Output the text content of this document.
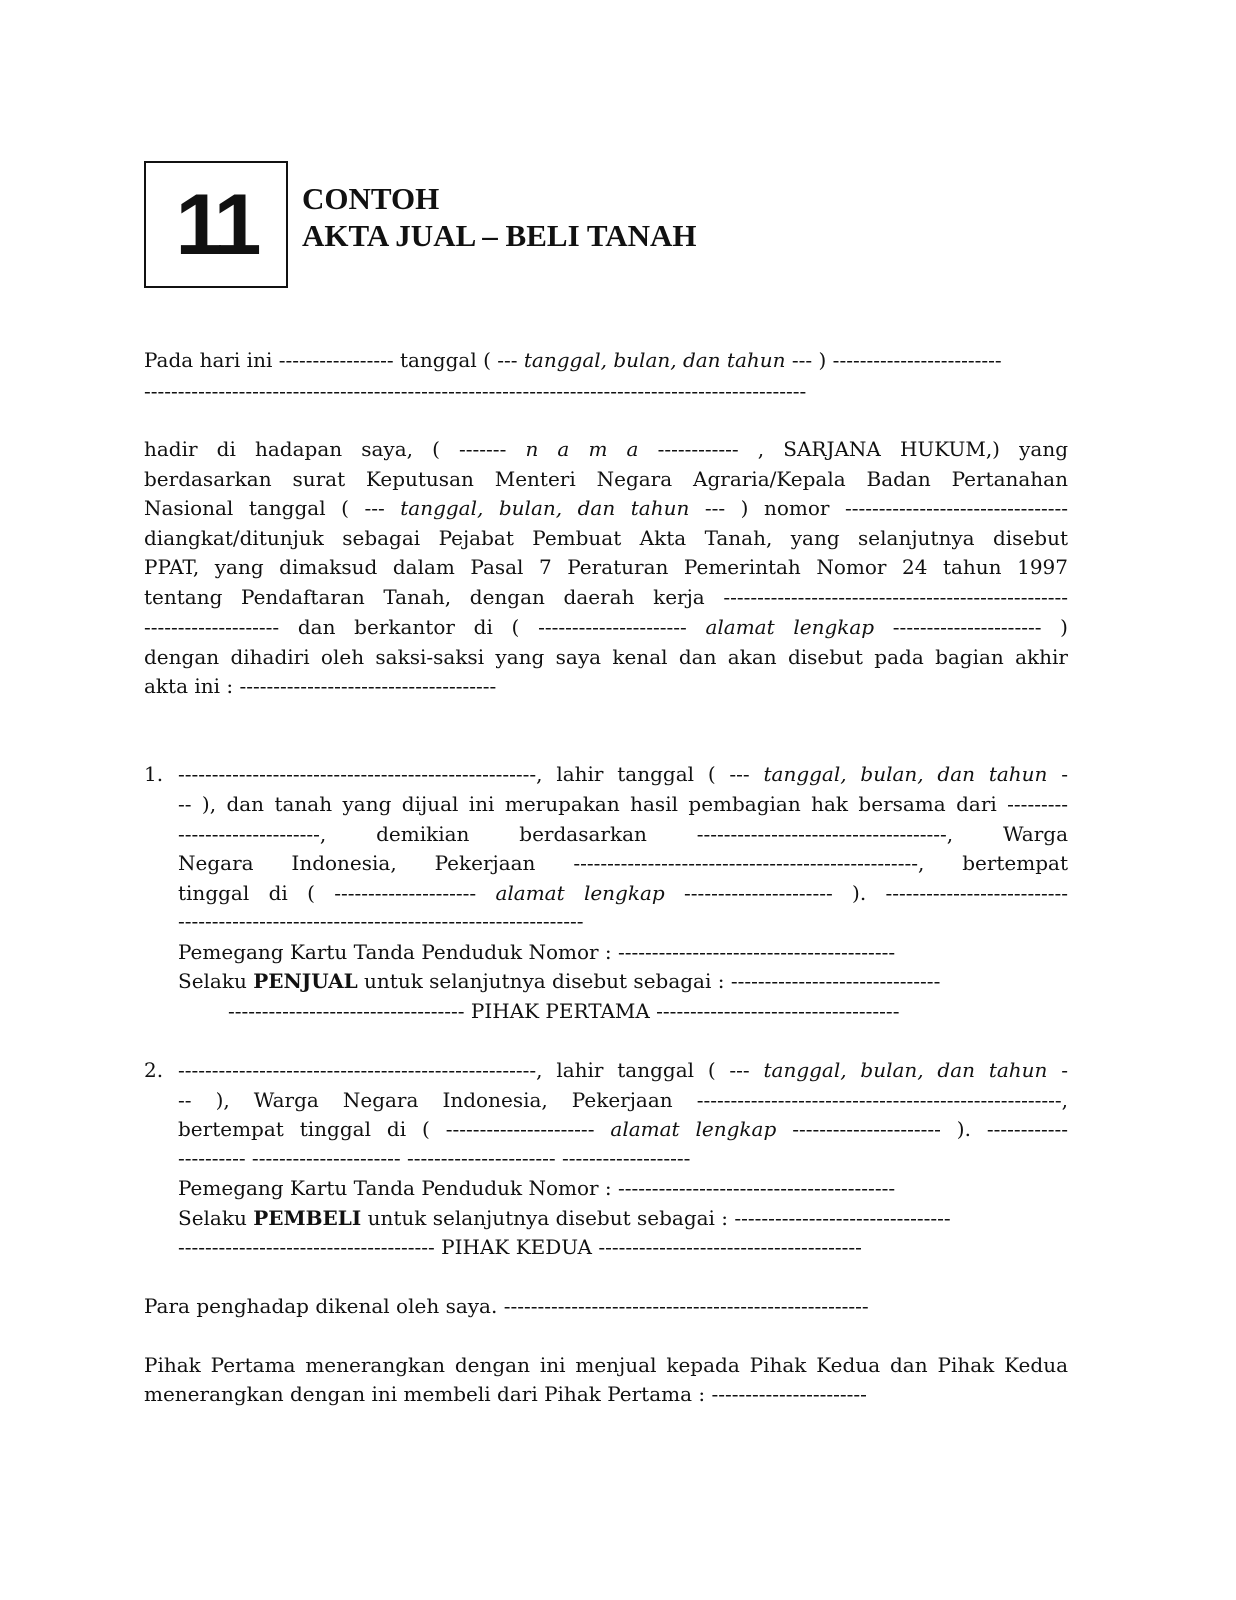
11 CONTOH
AKTA JUAL – BELI TANAH
Pada hari ini ----------------- tanggal ( --- tanggal, bulan, dan tahun --- ) -------------------------
--------------------------------------------------------------------------------------------------
hadir di hadapan saya, ( ------- n a m a ------------ , SARJANA HUKUM,) yang
berdasarkan surat Keputusan Menteri Negara Agraria/Kepala Badan Pertanahan
Nasional tanggal ( --- tanggal, bulan, dan tahun --- ) nomor ---------------------------------
diangkat/ditunjuk sebagai Pejabat Pembuat Akta Tanah, yang selanjutnya disebut
PPAT, yang dimaksud dalam Pasal 7 Peraturan Pemerintah Nomor 24 tahun 1997
tentang Pendaftaran Tanah, dengan daerah kerja ---------------------------------------------------
-------------------- dan berkantor di ( ---------------------- alamat lengkap ---------------------- )
dengan dihadiri oleh saksi-saksi yang saya kenal dan akan disebut pada bagian akhir
akta ini : --------------------------------------
1. -----------------------------------------------------, lahir tanggal ( --- tanggal, bulan, dan tahun -
-- ), dan tanah yang dijual ini merupakan hasil pembagian hak bersama dari ---------
---------------------, demikian berdasarkan -------------------------------------, Warga
Negara Indonesia, Pekerjaan ---------------------------------------------------, bertempat
tinggal di ( --------------------- alamat lengkap ---------------------- ). ---------------------------
------------------------------------------------------------
Pemegang Kartu Tanda Penduduk Nomor : -----------------------------------------
Selaku PENJUAL untuk selanjutnya disebut sebagai : -------------------------------
----------------------------------- PIHAK PERTAMA ------------------------------------
2. -----------------------------------------------------, lahir tanggal ( --- tanggal, bulan, dan tahun -
-- ), Warga Negara Indonesia, Pekerjaan ------------------------------------------------------,
bertempat tinggal di ( ---------------------- alamat lengkap ---------------------- ). ------------
---------- ---------------------- ---------------------- -------------------
Pemegang Kartu Tanda Penduduk Nomor : -----------------------------------------
Selaku PEMBELI untuk selanjutnya disebut sebagai : --------------------------------
-------------------------------------- PIHAK KEDUA ---------------------------------------
Para penghadap dikenal oleh saya. ------------------------------------------------------
Pihak Pertama menerangkan dengan ini menjual kepada Pihak Kedua dan Pihak Kedua
menerangkan dengan ini membeli dari Pihak Pertama : -----------------------
